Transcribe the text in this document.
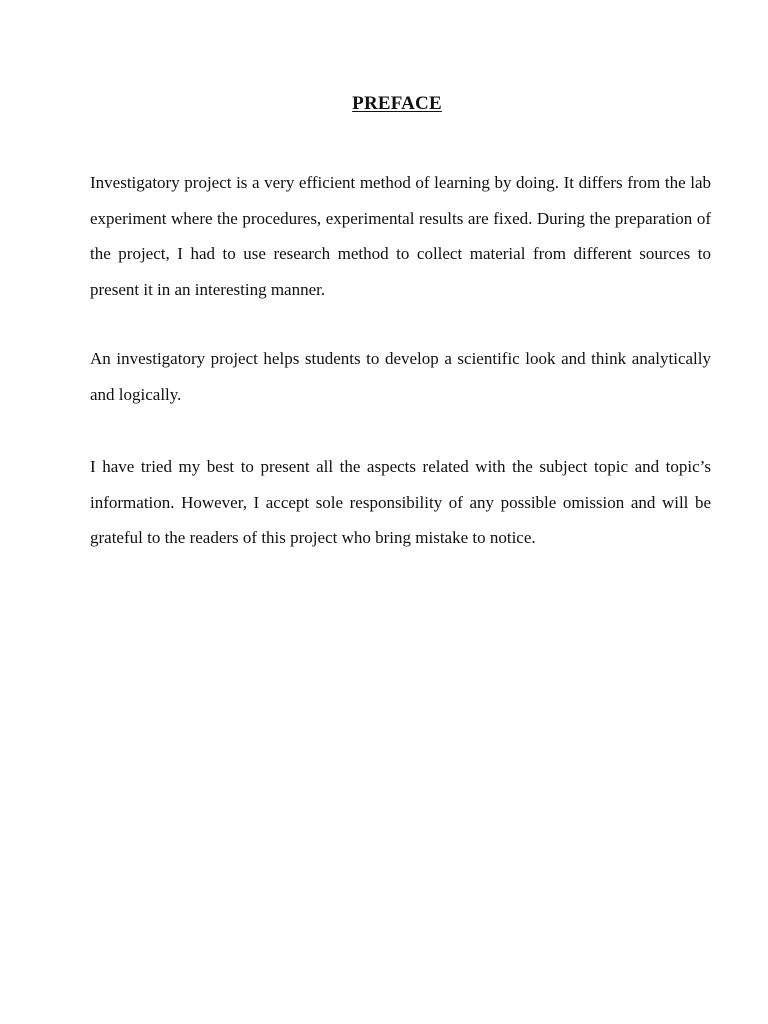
PREFACE

Investigatory project is a very efficient method of learning by doing. It differs from the lab experiment where the procedures, experimental results are fixed. During the preparation of the project, I had to use research method to collect material from different sources to present it in an interesting manner.

An investigatory project helps students to develop a scientific look and think analytically and logically.

I have tried my best to present all the aspects related with the subject topic and topic’s information. However, I accept sole responsibility of any possible omission and will be grateful to the readers of this project who bring mistake to notice.
